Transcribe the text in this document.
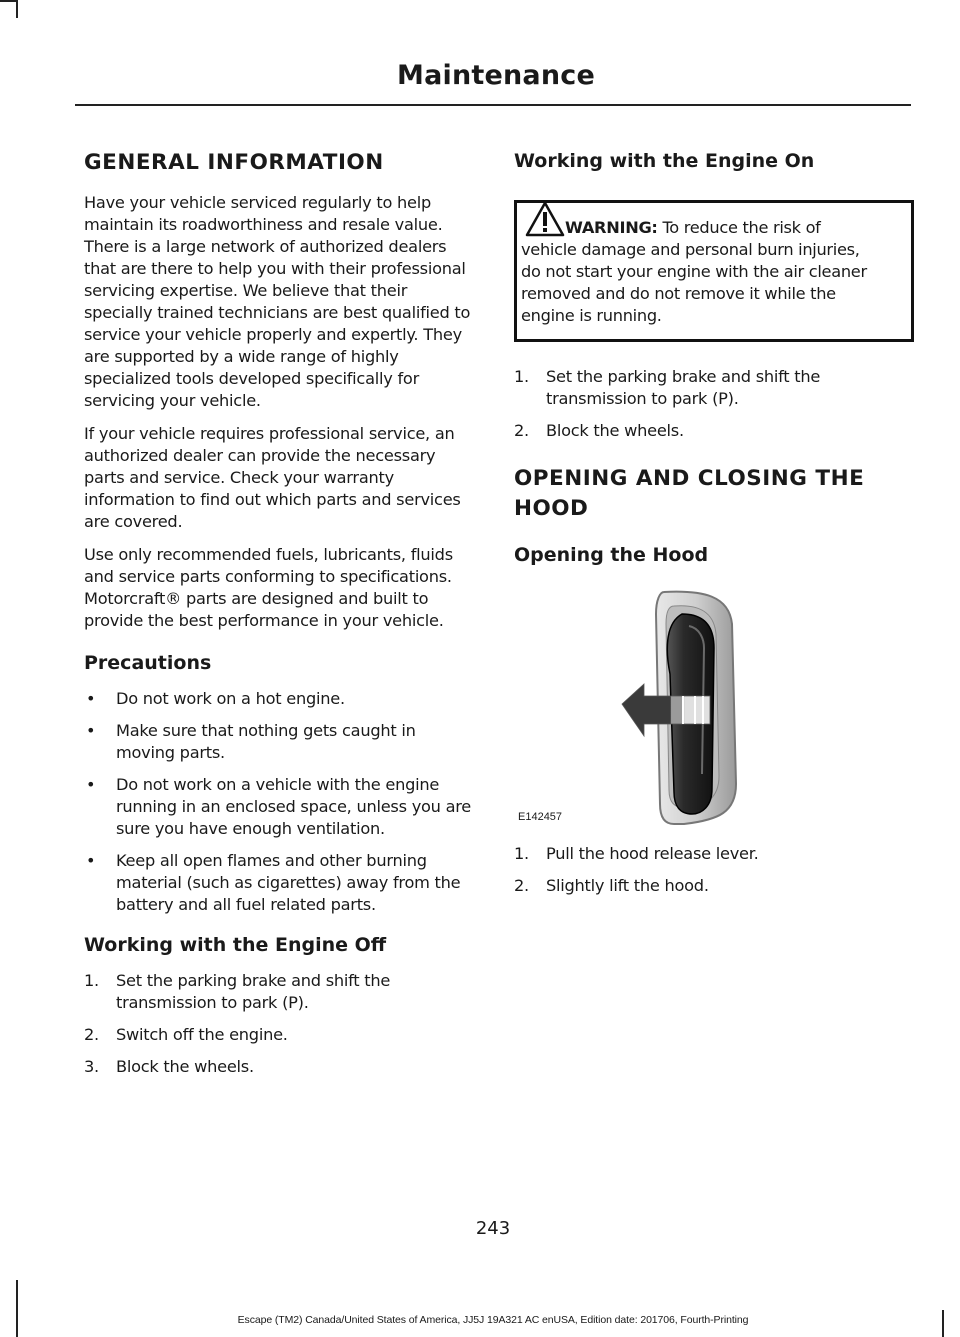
Maintenance
GENERAL INFORMATION

Have your vehicle serviced regularly to help maintain its roadworthiness and resale value. There is a large network of authorized dealers that are there to help you with their professional servicing expertise. We believe that their specially trained technicians are best qualified to service your vehicle properly and expertly. They are supported by a wide range of highly specialized tools developed specifically for servicing your vehicle.

If your vehicle requires professional service, an authorized dealer can provide the necessary parts and service. Check your warranty information to find out which parts and services are covered.

Use only recommended fuels, lubricants, fluids and service parts conforming to specifications. Motorcraft® parts are designed and built to provide the best performance in your vehicle.

Precautions
• Do not work on a hot engine.
• Make sure that nothing gets caught in moving parts.
• Do not work on a vehicle with the engine running in an enclosed space, unless you are sure you have enough ventilation.
• Keep all open flames and other burning material (such as cigarettes) away from the battery and all fuel related parts.
Working with the Engine Off
1. Set the parking brake and shift the transmission to park (P).
2. Switch off the engine.
3. Block the wheels.
Working with the Engine On
WARNING: To reduce the risk of
vehicle damage and personal burn injuries,
do not start your engine with the air cleaner
removed and do not remove it while the
engine is running.
1. Set the parking brake and shift the transmission to park (P).
2. Block the wheels.
OPENING AND CLOSING THE
HOOD
Opening the Hood
E142457
1. Pull the hood release lever.
2. Slightly lift the hood.
243
Escape (TM2) Canada/United States of America, JJ5J 19A321 AC enUSA, Edition date: 201706, Fourth-Printing
